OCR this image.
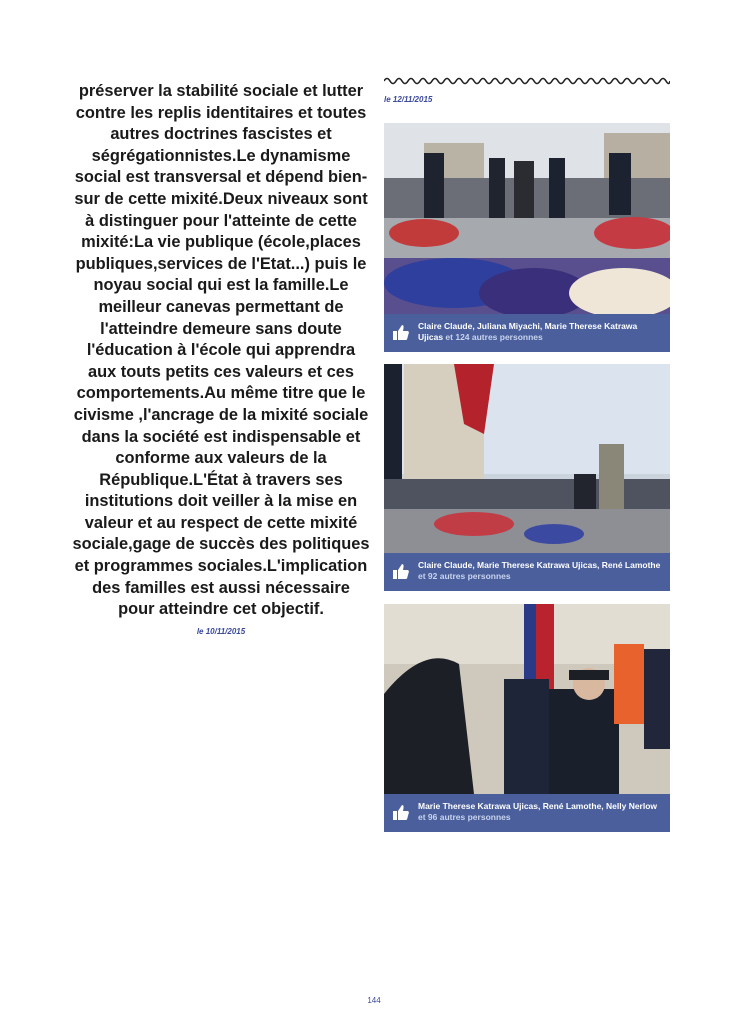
préserver la stabilité sociale et lutter contre les replis identitaires et toutes autres doctrines fascistes et ségrégationnistes.Le dynamisme social est transversal et dépend bien-sur de cette mixité.Deux niveaux sont à distinguer pour l'atteinte de cette mixité:La vie publique (école,places publiques,services de l'Etat...) puis le noyau social qui est la famille.Le meilleur canevas permettant de l'atteindre demeure sans doute l'éducation à l'école qui apprendra aux touts petits ces valeurs et ces comportements.Au même titre que le civisme ,l'ancrage de la mixité sociale dans la société est indispensable et conforme aux valeurs de la République.L'État à travers ses institutions doit veiller à la mise en valeur et au respect de cette mixité sociale,gage de succès des politiques et programmes sociales.L'implication des familles est aussi nécessaire pour atteindre cet objectif.

le 10/11/2015
le 12/11/2015
Claire Claude, Juliana Miyachi, Marie Therese Katrawa Ujicas et 124 autres personnes
Claire Claude, Marie Therese Katrawa Ujicas, René Lamothe et 92 autres personnes
Marie Therese Katrawa Ujicas, René Lamothe, Nelly Nerlow et 96 autres personnes
144
